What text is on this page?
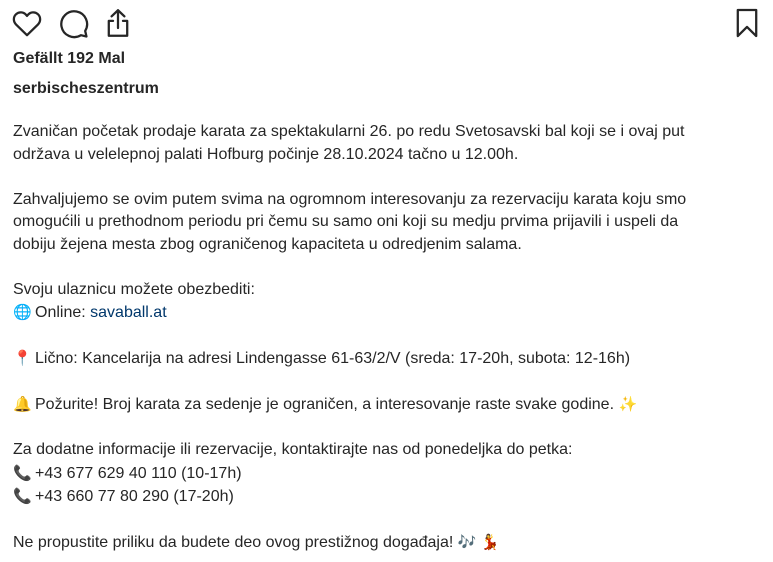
Gefällt 192 Mal
serbischeszentrum

Zvaničan početak prodaje karata za spektakularni 26. po redu Svetosavski bal koji se i ovaj put
održava u velelepnoj palati Hofburg počinje 28.10.2024 tačno u 12.00h.

Zahvaljujemo se ovim putem svima na ogromnom interesovanju za rezervaciju karata koju smo
omogućili u prethodnom periodu pri čemu su samo oni koji su medju prvima prijavili i uspeli da
dobiju žejena mesta zbog ograničenog kapaciteta u odredjenim salama.

Svoju ulaznicu možete obezbediti:
🌐 Online: savaball.at

📍 Lično: Kancelarija na adresi Lindengasse 61-63/2/V (sreda: 17-20h, subota: 12-16h)

🔔 Požurite! Broj karata za sedenje je ograničen, a interesovanje raste svake godine. ✨

Za dodatne informacije ili rezervacije, kontaktirajte nas od ponedeljka do petka:
📞 +43 677 629 40 110 (10-17h)
📞 +43 660 77 80 290 (17-20h)

Ne propustite priliku da budete deo ovog prestižnog događaja! 🎶 💃
